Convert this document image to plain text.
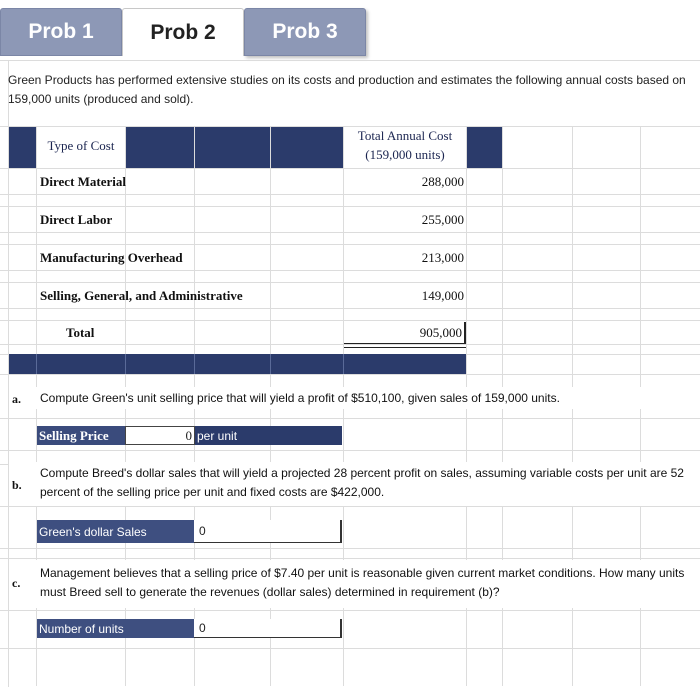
Prob 1	Prob 2	Prob 3
Green Products has performed extensive studies on its costs and production and estimates the following annual costs based on 159,000 units (produced and sold).
Type of Cost
Total Annual Cost
(159,000 units)
Direct Material	288,000
Direct Labor	255,000
Manufacturing Overhead	213,000
Selling, General, and Administrative	149,000
Total	905,000
a. Compute Green's unit selling price that will yield a profit of $510,100, given sales of 159,000 units.
Selling Price	0 per unit
b.
Compute Breed's dollar sales that will yield a projected 28 percent profit on sales, assuming variable costs per unit are 52 percent of the selling price per unit and fixed costs are $422,000.
Green's dollar Sales	0
c.
Management believes that a selling price of $7.40 per unit is reasonable given current market conditions. How many units must Breed sell to generate the revenues (dollar sales) determined in requirement (b)?
Number of units	0
